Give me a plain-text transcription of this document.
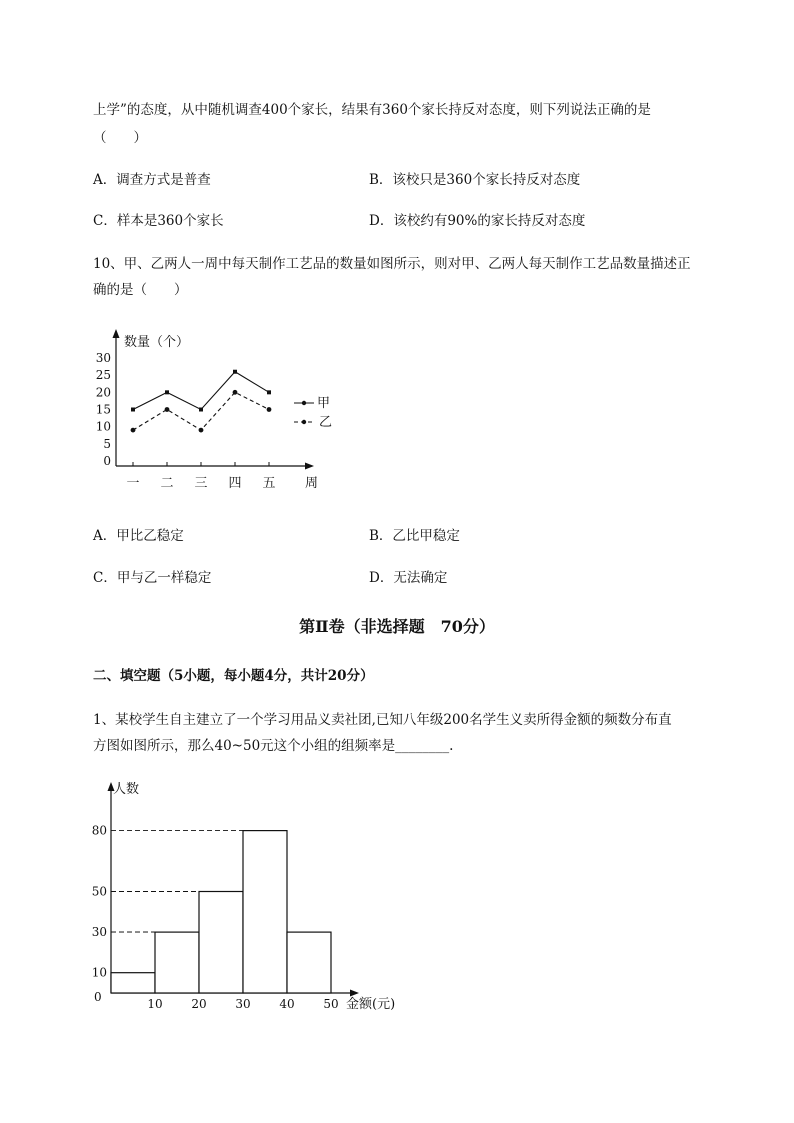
上学”的态度，从中随机调查400个家长，结果有360个家长持反对态度，则下列说法正确的是
（　　）
A．调查方式是普查	B．该校只是360个家长持反对态度
C．样本是360个家长	D．该校约有90%的家长持反对态度
10、甲、乙两人一周中每天制作工艺品的数量如图所示，则对甲、乙两人每天制作工艺品数量描述正
确的是（　　）
数量（个）
周
0
5
10
15
20
25
30
一 二 三 四 五
甲
乙
A．甲比乙稳定	B．乙比甲稳定
C．甲与乙一样稳定	D．无法确定
第Ⅱ卷（非选择题　70分）
二、填空题（5小题，每小题4分，共计20分）
1、某校学生自主建立了一个学习用品义卖社团,已知八年级200名学生义卖所得金额的频数分布直
方图如图所示，那么40~50元这个小组的组频率是________.
人数
金额(元)
0
10
30
50
80
10 20 30 40 50
